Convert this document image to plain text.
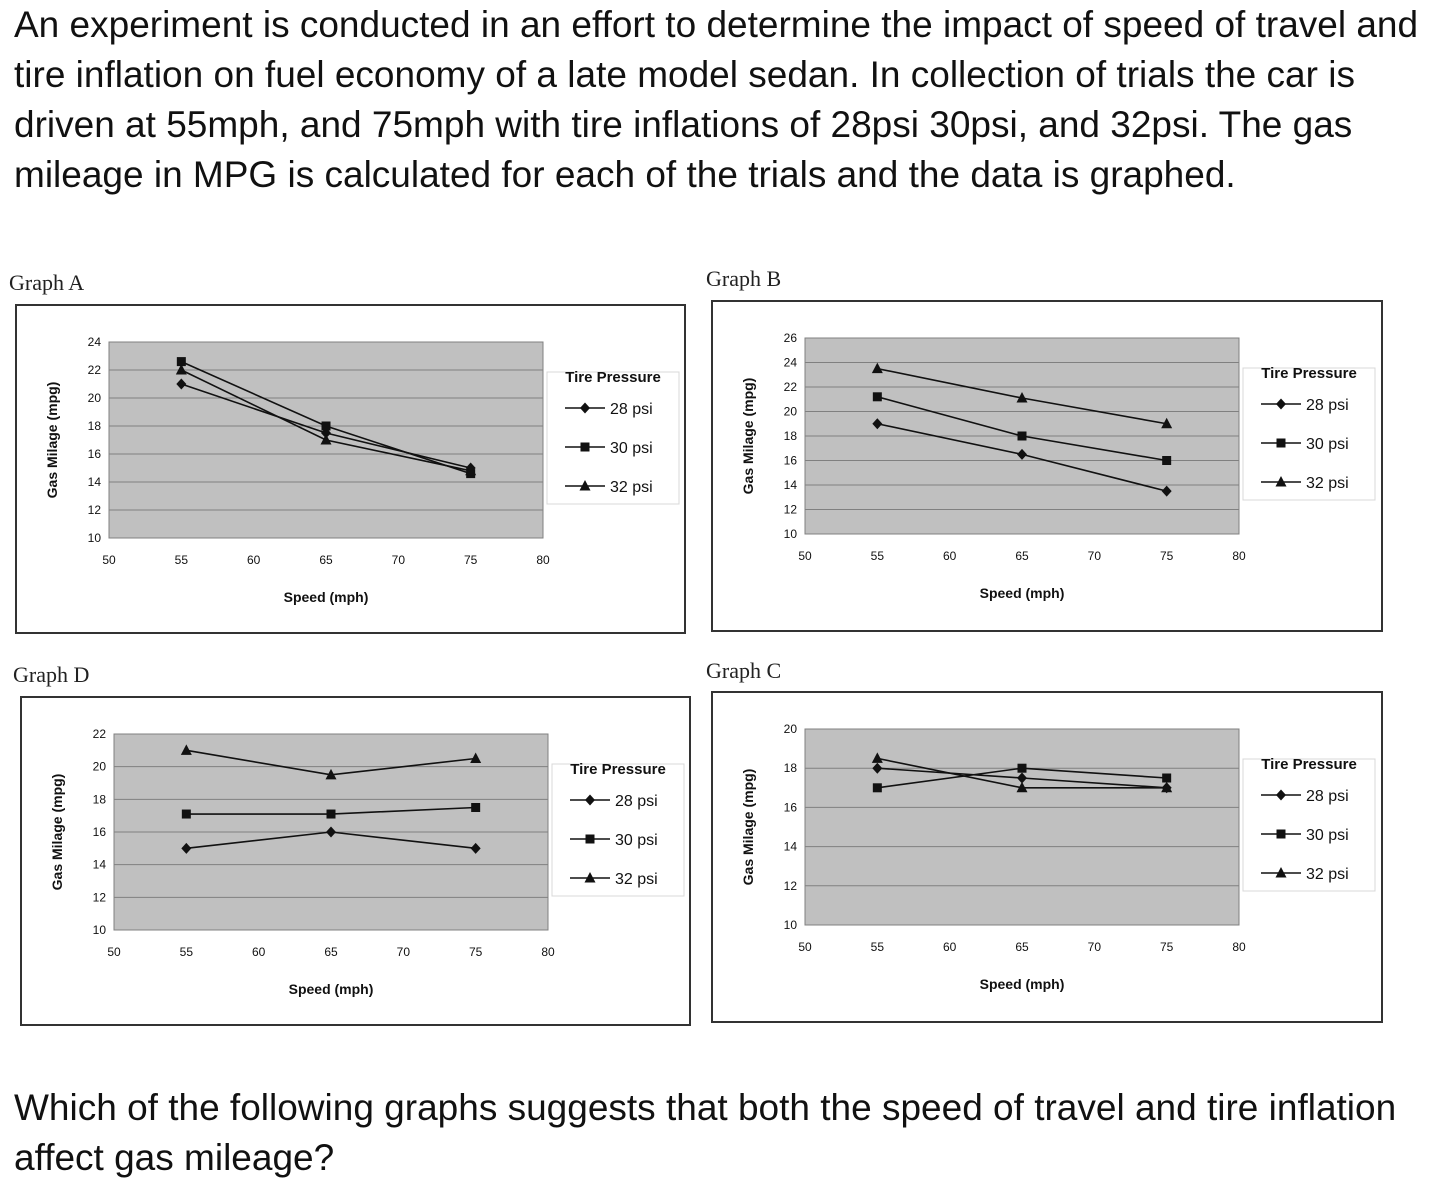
An experiment is conducted in an effort to determine the impact of speed of travel and tire inflation on fuel economy of a late model sedan. In collection of trials the car is driven at 55mph, and 75mph with tire inflations of 28psi 30psi, and 32psi. The gas mileage in MPG is calculated for each of the trials and the data is graphed.

Graph A	Graph B
Graph D	Graph C
10
12
14
16
18
20
22
24
50	55	60	65	70	75	80
Speed (mph)
Gas Milage (mpg)
Tire Pressure
28 psi
30 psi
32 psi
10
12
14
16
18
20
22
24
26
50	55	60	65	70	75	80
Speed (mph)
Gas Milage (mpg)
Tire Pressure
28 psi
30 psi
32 psi
10
12
14
16
18
20
22
50	55	60	65	70	75	80
Speed (mph)
Gas Milage (mpg)
Tire Pressure
28 psi
30 psi
32 psi
10
12
14
16
18
20
50	55	60	65	70	75	80
Speed (mph)
Gas Milage (mpg)
Tire Pressure
28 psi
30 psi
32 psi

Which of the following graphs suggests that both the speed of travel and tire inflation affect gas mileage?
